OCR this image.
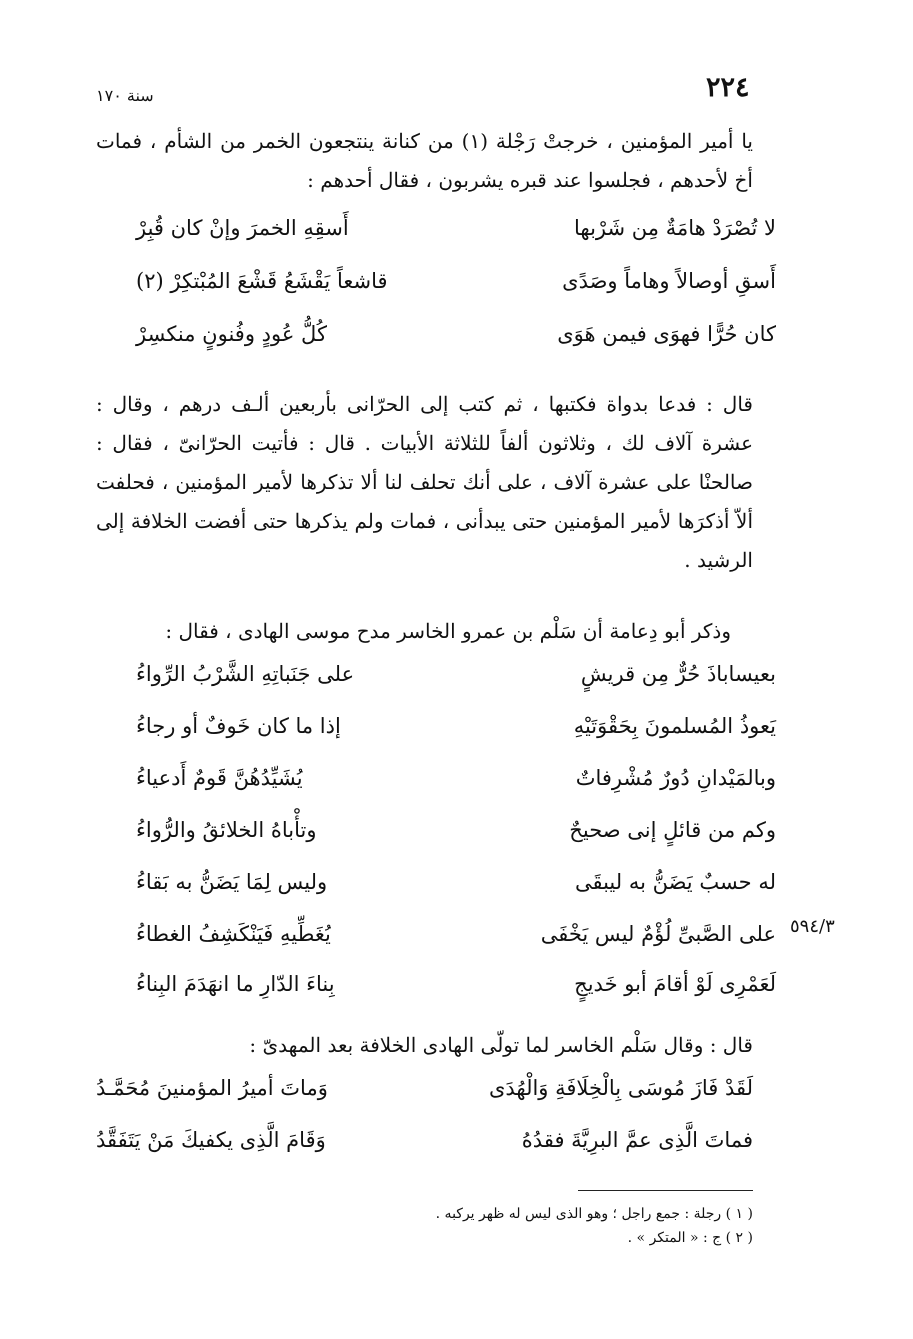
٢٢٤
سنة ١٧٠
يا أمير المؤمنين ، خرجتْ رَجْلة (١) من كنانة ينتجعون الخمر من الشأم ، فمات أخ لأحدهم ، فجلسوا عند قبره يشربون ، فقال أحدهم :
لا تُصْرَدْ هامَةٌ مِن شَرْبها
أَسقِهِ الخمرَ وإنْ كان قُبِرْ
أَسقِ أوصالاً وهاماً وصَدًى
قاشعاً يَقْشَعُ قَشْعَ المُبْتكِرْ (٢)
كان حُرًّا فهوَى فيمن هَوَى
كُلُّ عُودٍ وفُنونٍ منكسِرْ
قال : فدعا بدواة فكتبها ، ثم كتب إلى الحرّانى بأربعين ألـف درهم ، وقال : عشرة آلاف لك ، وثلاثون ألفاً للثلاثة الأبيات . قال : فأتيت الحرّانىّ ، فقال : صالحنْا على عشرة آلاف ، على أنك تحلف لنا ألا تذكرها لأمير المؤمنين ، فحلفت ألاّ أذكرَها لأمير المؤمنين حتى يبدأنى ، فمات ولم يذكرها حتى أفضت الخلافة إلى الرشيد .
وذكر أبو دِعامة أن سَلْم بن عمرو الخاسر مدح موسى الهادى ، فقال :
بعيساباذَ حُرٌّ مِن قريشٍ
على جَنَباتِهِ الشَّرْبُ الرِّواءُ
يَعوذُ المُسلمونَ بِحَقْوَتَيْهِ
إذا ما كان خَوفٌ أو رجاءُ
وبالمَيْدانِ دُورٌ مُشْرِفاتٌ
يُشَيِّدُهُنَّ قَومٌ أَدعياءُ
وكم من قائلٍ إنى صحيحٌ
وتأْباهُ الخلائقُ والرُّواءُ
له حسبٌ يَضَنُّ به ليبقَى
وليس لِمَا يَضَنُّ به بَقاءُ
على الصَّبىِّ لُؤْمٌ ليس يَخْفَى
يُغَطِّيهِ فَيَنْكَشِفُ الغطاءُ
لَعَمْرِى لَوْ أقامَ أبو خَديجٍ
بِناءَ الدّارِ ما انهَدَمَ البِناءُ
٥٩٤/٣
قال : وقال سَلْم الخاسر لما تولّى الهادى الخلافة بعد المهدىّ :
لَقَدْ فَازَ مُوسَى بِالْخِلَافَةِ وَالْهُدَى
وَماتَ أميرُ المؤمنينَ مُحَمَّـدُ
فماتَ الَّذِى عمَّ البرِيَّةَ فقدُهُ
وَقَامَ الَّذِى يكفيكَ مَنْ يَتَفَقَّدُ
( ١ ) رجلة : جمع راجل ؛ وهو الذى ليس له ظهر يركبه .
( ٢ ) ج : « المتكر » .
